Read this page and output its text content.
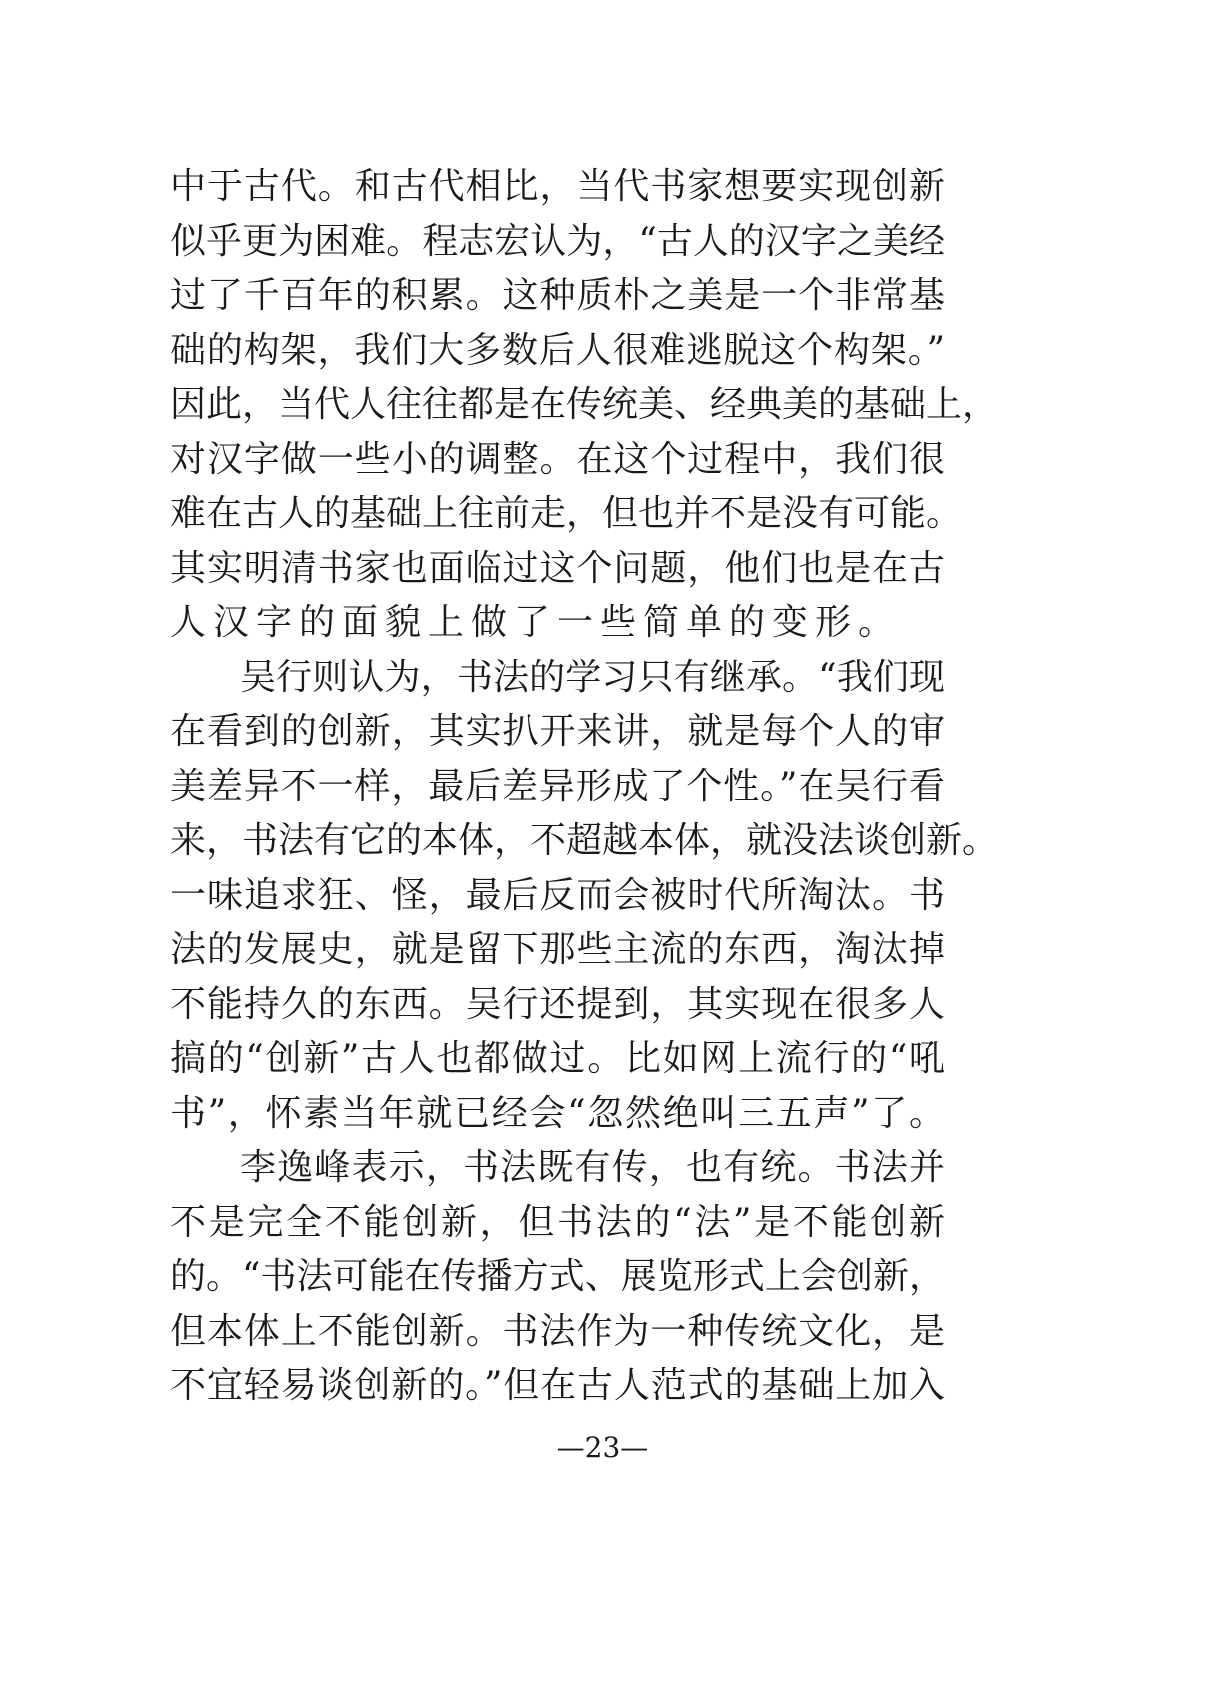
中于古代。和古代相比，当代书家想要实现创新
似乎更为困难。程志宏认为，“古人的汉字之美经
过了千百年的积累。这种质朴之美是一个非常基
础的构架，我们大多数后人很难逃脱这个构架。”
因此，当代人往往都是在传统美、经典美的基础上，
对汉字做一些小的调整。在这个过程中，我们很
难在古人的基础上往前走，但也并不是没有可能。
其实明清书家也面临过这个问题，他们也是在古
人汉字的面貌上做了一些简单的变形。
吴行则认为，书法的学习只有继承。“我们现
在看到的创新，其实扒开来讲，就是每个人的审
美差异不一样，最后差异形成了个性。”在吴行看
来，书法有它的本体，不超越本体，就没法谈创新。
一味追求狂、怪，最后反而会被时代所淘汰。书
法的发展史，就是留下那些主流的东西，淘汰掉
不能持久的东西。吴行还提到，其实现在很多人
搞的“创新”古人也都做过。比如网上流行的“吼
书”，怀素当年就已经会“忽然绝叫三五声”了。
李逸峰表示，书法既有传，也有统。书法并
不是完全不能创新，但书法的“法”是不能创新
的。“书法可能在传播方式、展览形式上会创新，
但本体上不能创新。书法作为一种传统文化，是
不宜轻易谈创新的。”但在古人范式的基础上加入
—23—
